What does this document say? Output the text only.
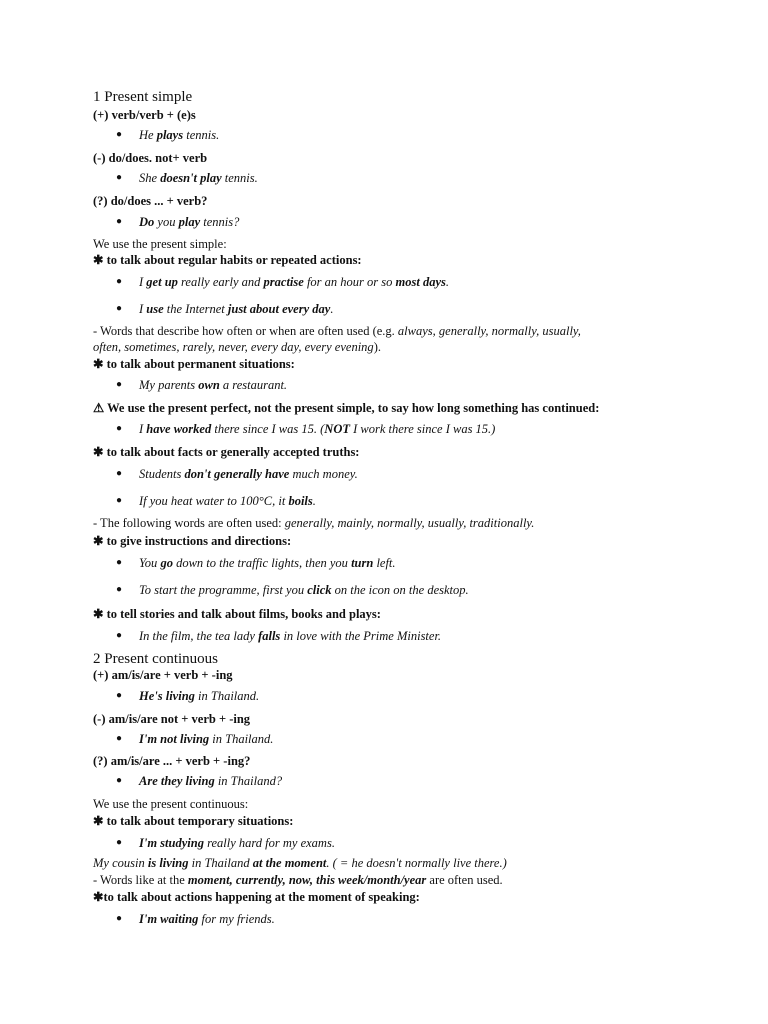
1 Present simple
(+) verb/verb + (e)s
● He plays tennis.
(-) do/does. not+ verb
● She doesn't play tennis.
(?) do/does ... + verb?
● Do you play tennis?
We use the present simple:
✱ to talk about regular habits or repeated actions:
● I get up really early and practise for an hour or so most days.
● I use the Internet just about every day.
- Words that describe how often or when are often used (e.g. always, generally, normally, usually,
often, sometimes, rarely, never, every day, every evening).
✱ to talk about permanent situations:
● My parents own a restaurant.
⚠ We use the present perfect, not the present simple, to say how long something has continued:
● I have worked there since I was 15. (NOT I work there since I was 15.)
✱ to talk about facts or generally accepted truths:
● Students don't generally have much money.
● If you heat water to 100°C, it boils.
- The following words are often used: generally, mainly, normally, usually, traditionally.
✱ to give instructions and directions:
● You go down to the traffic lights, then you turn left.
● To start the programme, first you click on the icon on the desktop.
✱ to tell stories and talk about films, books and plays:
● In the film, the tea lady falls in love with the Prime Minister.
2 Present continuous
(+) am/is/are + verb + -ing
● He's living in Thailand.
(-) am/is/are not + verb + -ing
● I'm not living in Thailand.
(?) am/is/are ... + verb + -ing?
● Are they living in Thailand?
We use the present continuous:
✱ to talk about temporary situations:
● I'm studying really hard for my exams.
My cousin is living in Thailand at the moment. ( = he doesn't normally live there.)
- Words like at the moment, currently, now, this week/month/year are often used.
✱to talk about actions happening at the moment of speaking:
● I'm waiting for my friends.
